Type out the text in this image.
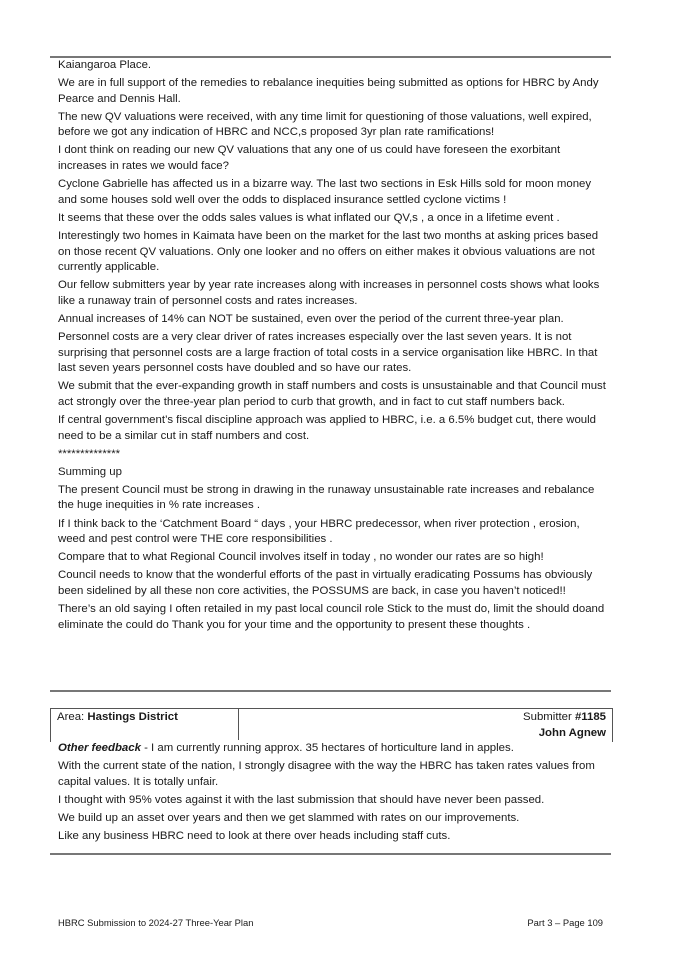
Kaiangaroa Place.

We are in full support of the remedies to rebalance inequities being submitted as options for HBRC by Andy Pearce and Dennis Hall.

The new QV valuations were received, with any time limit for questioning of those valuations, well expired, before we got any indication of HBRC and NCC,s proposed 3yr plan rate ramifications!

I dont think on reading our new QV valuations that any one of us could have foreseen the exorbitant increases in rates we would face?

Cyclone Gabrielle has affected us in a bizarre way. The last two sections in Esk Hills sold for moon money and some houses sold well over the odds to displaced insurance settled cyclone victims !

It seems that these over the odds sales values is what inflated our QV,s , a once in a lifetime event .

Interestingly two homes in Kaimata have been on the market for the last two months at asking prices based on those recent QV valuations. Only one looker and no offers on either makes it obvious valuations are not currently applicable.

Our fellow submitters year by year rate increases along with increases in personnel costs shows what looks like a runaway train of personnel costs and rates increases.

Annual increases of 14% can NOT be sustained, even over the period of the current three-year plan.

Personnel costs are a very clear driver of rates increases especially over the last seven years. It is not surprising that personnel costs are a large fraction of total costs in a service organisation like HBRC. In that last seven years personnel costs have doubled and so have our rates.

We submit that the ever-expanding growth in staff numbers and costs is unsustainable and that Council must act strongly over the three-year plan period to curb that growth, and in fact to cut staff numbers back.

If central government’s fiscal discipline approach was applied to HBRC, i.e. a 6.5% budget cut, there would need to be a similar cut in staff numbers and cost.

**************

Summing up

The present Council must be strong in drawing in the runaway unsustainable rate increases and rebalance the huge inequities in % rate increases .

If I think back to the ‘Catchment Board “ days , your HBRC predecessor, when river protection , erosion, weed and pest control were THE core responsibilities .

Compare that to what Regional Council involves itself in today , no wonder our rates are so high!

Council needs to know that the wonderful efforts of the past in virtually eradicating Possums has obviously been sidelined by all these non core activities, the POSSUMS are back, in case you haven’t noticed!!

There’s an old saying I often retailed in my past local council role Stick to the must do, limit the should doand eliminate the could do Thank you for your time and the opportunity to present these thoughts .

Area: Hastings District	Submitter #1185
John Agnew

Other feedback - I am currently running approx. 35 hectares of horticulture land in apples.

With the current state of the nation, I strongly disagree with the way the HBRC has taken rates values from capital values. It is totally unfair.

I thought with 95% votes against it with the last submission that should have never been passed.

We build up an asset over years and then we get slammed with rates on our improvements.

Like any business HBRC need to look at there over heads including staff cuts.

HBRC Submission to 2024-27 Three-Year Plan	Part 3 – Page 109
